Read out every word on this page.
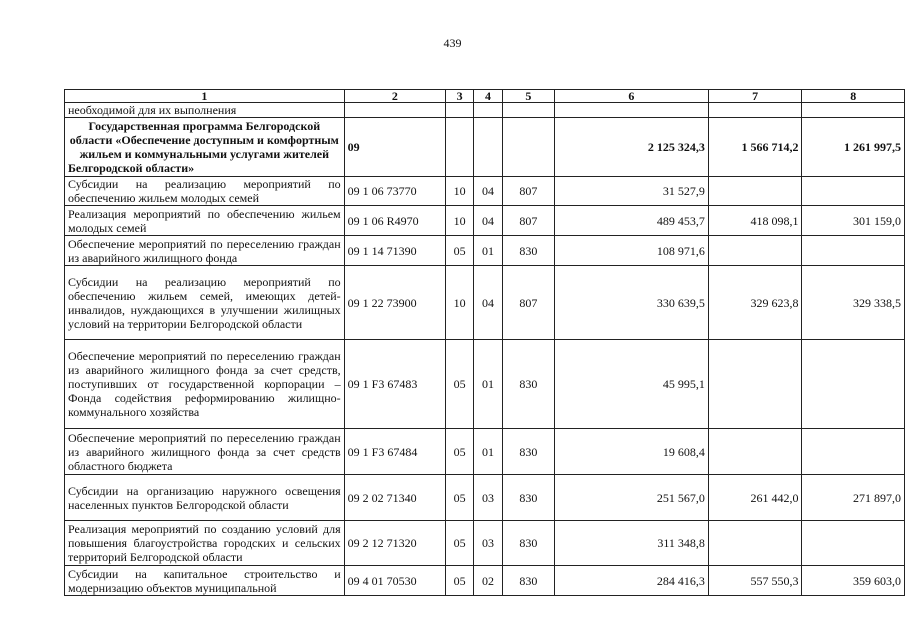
439
1	2	3	4	5	6	7	8
необходимой для их выполнения							
Государственная программа Белгородской области «Обеспечение доступным и комфортным жильем и коммунальными услугами жителей Белгородской области»	09				2 125 324,3	1 566 714,2	1 261 997,5
Субсидии на реализацию мероприятий по обеспечению жильем молодых семей	09 1 06 73770	10	04	807	31 527,9		
Реализация мероприятий по обеспечению жильем молодых семей	09 1 06 R4970	10	04	807	489 453,7	418 098,1	301 159,0
Обеспечение мероприятий по переселению граждан из аварийного жилищного фонда	09 1 14 71390	05	01	830	108 971,6		
Субсидии на реализацию мероприятий по обеспечению жильем семей, имеющих детей-инвалидов, нуждающихся в улучшении жилищных условий на территории Белгородской области	09 1 22 73900	10	04	807	330 639,5	329 623,8	329 338,5
Обеспечение мероприятий по переселению граждан из аварийного жилищного фонда за счет средств, поступивших от государственной корпорации – Фонда содействия реформированию жилищно-коммунального хозяйства	09 1 F3 67483	05	01	830	45 995,1		
Обеспечение мероприятий по переселению граждан из аварийного жилищного фонда за счет средств областного бюджета	09 1 F3 67484	05	01	830	19 608,4		
Субсидии на организацию наружного освещения населенных пунктов Белгородской области	09 2 02 71340	05	03	830	251 567,0	261 442,0	271 897,0
Реализация мероприятий по созданию условий для повышения благоустройства городских и сельских территорий Белгородской области	09 2 12 71320	05	03	830	311 348,8		
Субсидии на капитальное строительство и модернизацию объектов муниципальной	09 4 01 70530	05	02	830	284 416,3	557 550,3	359 603,0
